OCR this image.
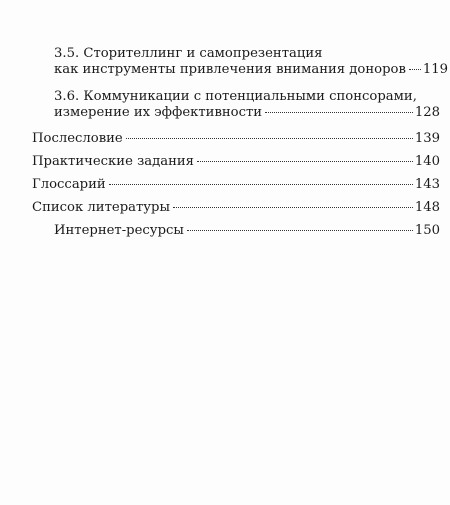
3.5. Сторителлинг и самопрезентация
как инструменты привлечения внимания доноров 119
3.6. Коммуникации с потенциальными спонсорами,
измерение их эффективности	128
Послесловие	139
Практические задания	140
Глоссарий	143
Список литературы	148
Интернет-ресурсы	150
